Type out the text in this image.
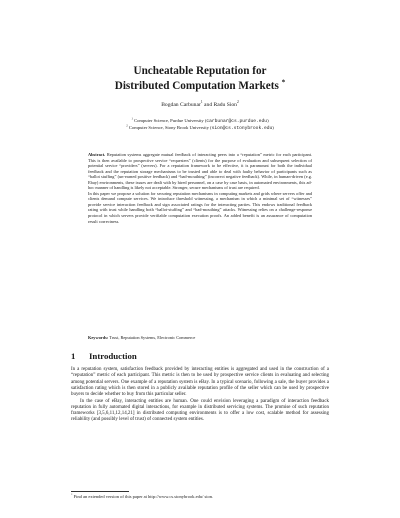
Uncheatable Reputation for
Distributed Computation Markets *
Bogdan Carbunar$^1$ and Radu Sion$^2$
$^1$ Computer Science, Purdue University (carbunar@cs.purdue.edu)
$^2$ Computer Science, Stony Brook University (sion@cs.stonybrook.edu)

Abstract. Reputation systems aggregate mutual feedback of interacting peers into a “reputation” metric for each participant. This is then available to prospective service “requesters” (clients) for the purpose of evaluation and subsequent selection of potential service “providers” (servers). For a reputation framework to be effective, it is paramount for both the individual feedback and the reputation storage mechanisms to be trusted and able to deal with faulty behavior of participants such as “ballot stuffing” (un-earned positive feedback) and “bad-mouthing” (incorrect negative feedback). While, in human-driven (e.g. Ebay) environments, these issues are dealt with by hired personnel, on a case by case basis, in automated environments, this ad-hoc manner of handling is likely not acceptable. Stronger, secure mechanisms of trust are required.

In this paper we propose a solution for securing reputation mechanisms in computing markets and grids where servers offer and clients demand compute services. We introduce threshold witnessing, a mechanism in which a minimal set of “witnesses” provide service interaction feedback and sign associated ratings for the interacting parties. This endows traditional feedback rating with trust while handling both “ballot-stuffing” and “bad-mouthing” attacks. Witnessing relies on a challenge-response protocol in which servers provide verifiable computation execution proofs. An added benefit is an assurance of computation result correctness.

Keywords: Trust, Reputation Systems, Electronic Commerce
1 Introduction

In a reputation system, satisfaction feedback provided by interacting entities is aggregated and used in the construction of a “reputation” metric of each participant. This metric is then to be used by prospective service clients in evaluating and selecting among potential servers. One example of a reputation system is eBay. In a typical scenario, following a sale, the buyer provides a satisfaction rating which is then stored in a publicly available reputation profile of the seller which can be used by prospective buyers to decide whether to buy from this particular seller.

In the case of eBay, interacting entities are human. One could envision leveraging a paradigm of interaction feedback reputation in fully automated digital interactions, for example in distributed servicing systems. The promise of such reputation frameworks [3,5,6,11,12,14,21] in distributed computing environments is to offer a low cost, scalable method for assessing reliability (and possibly level of trust) of connected system entities.

* Find an extended version of this paper at http://www.cs.stonybrook.edu/ sion.
